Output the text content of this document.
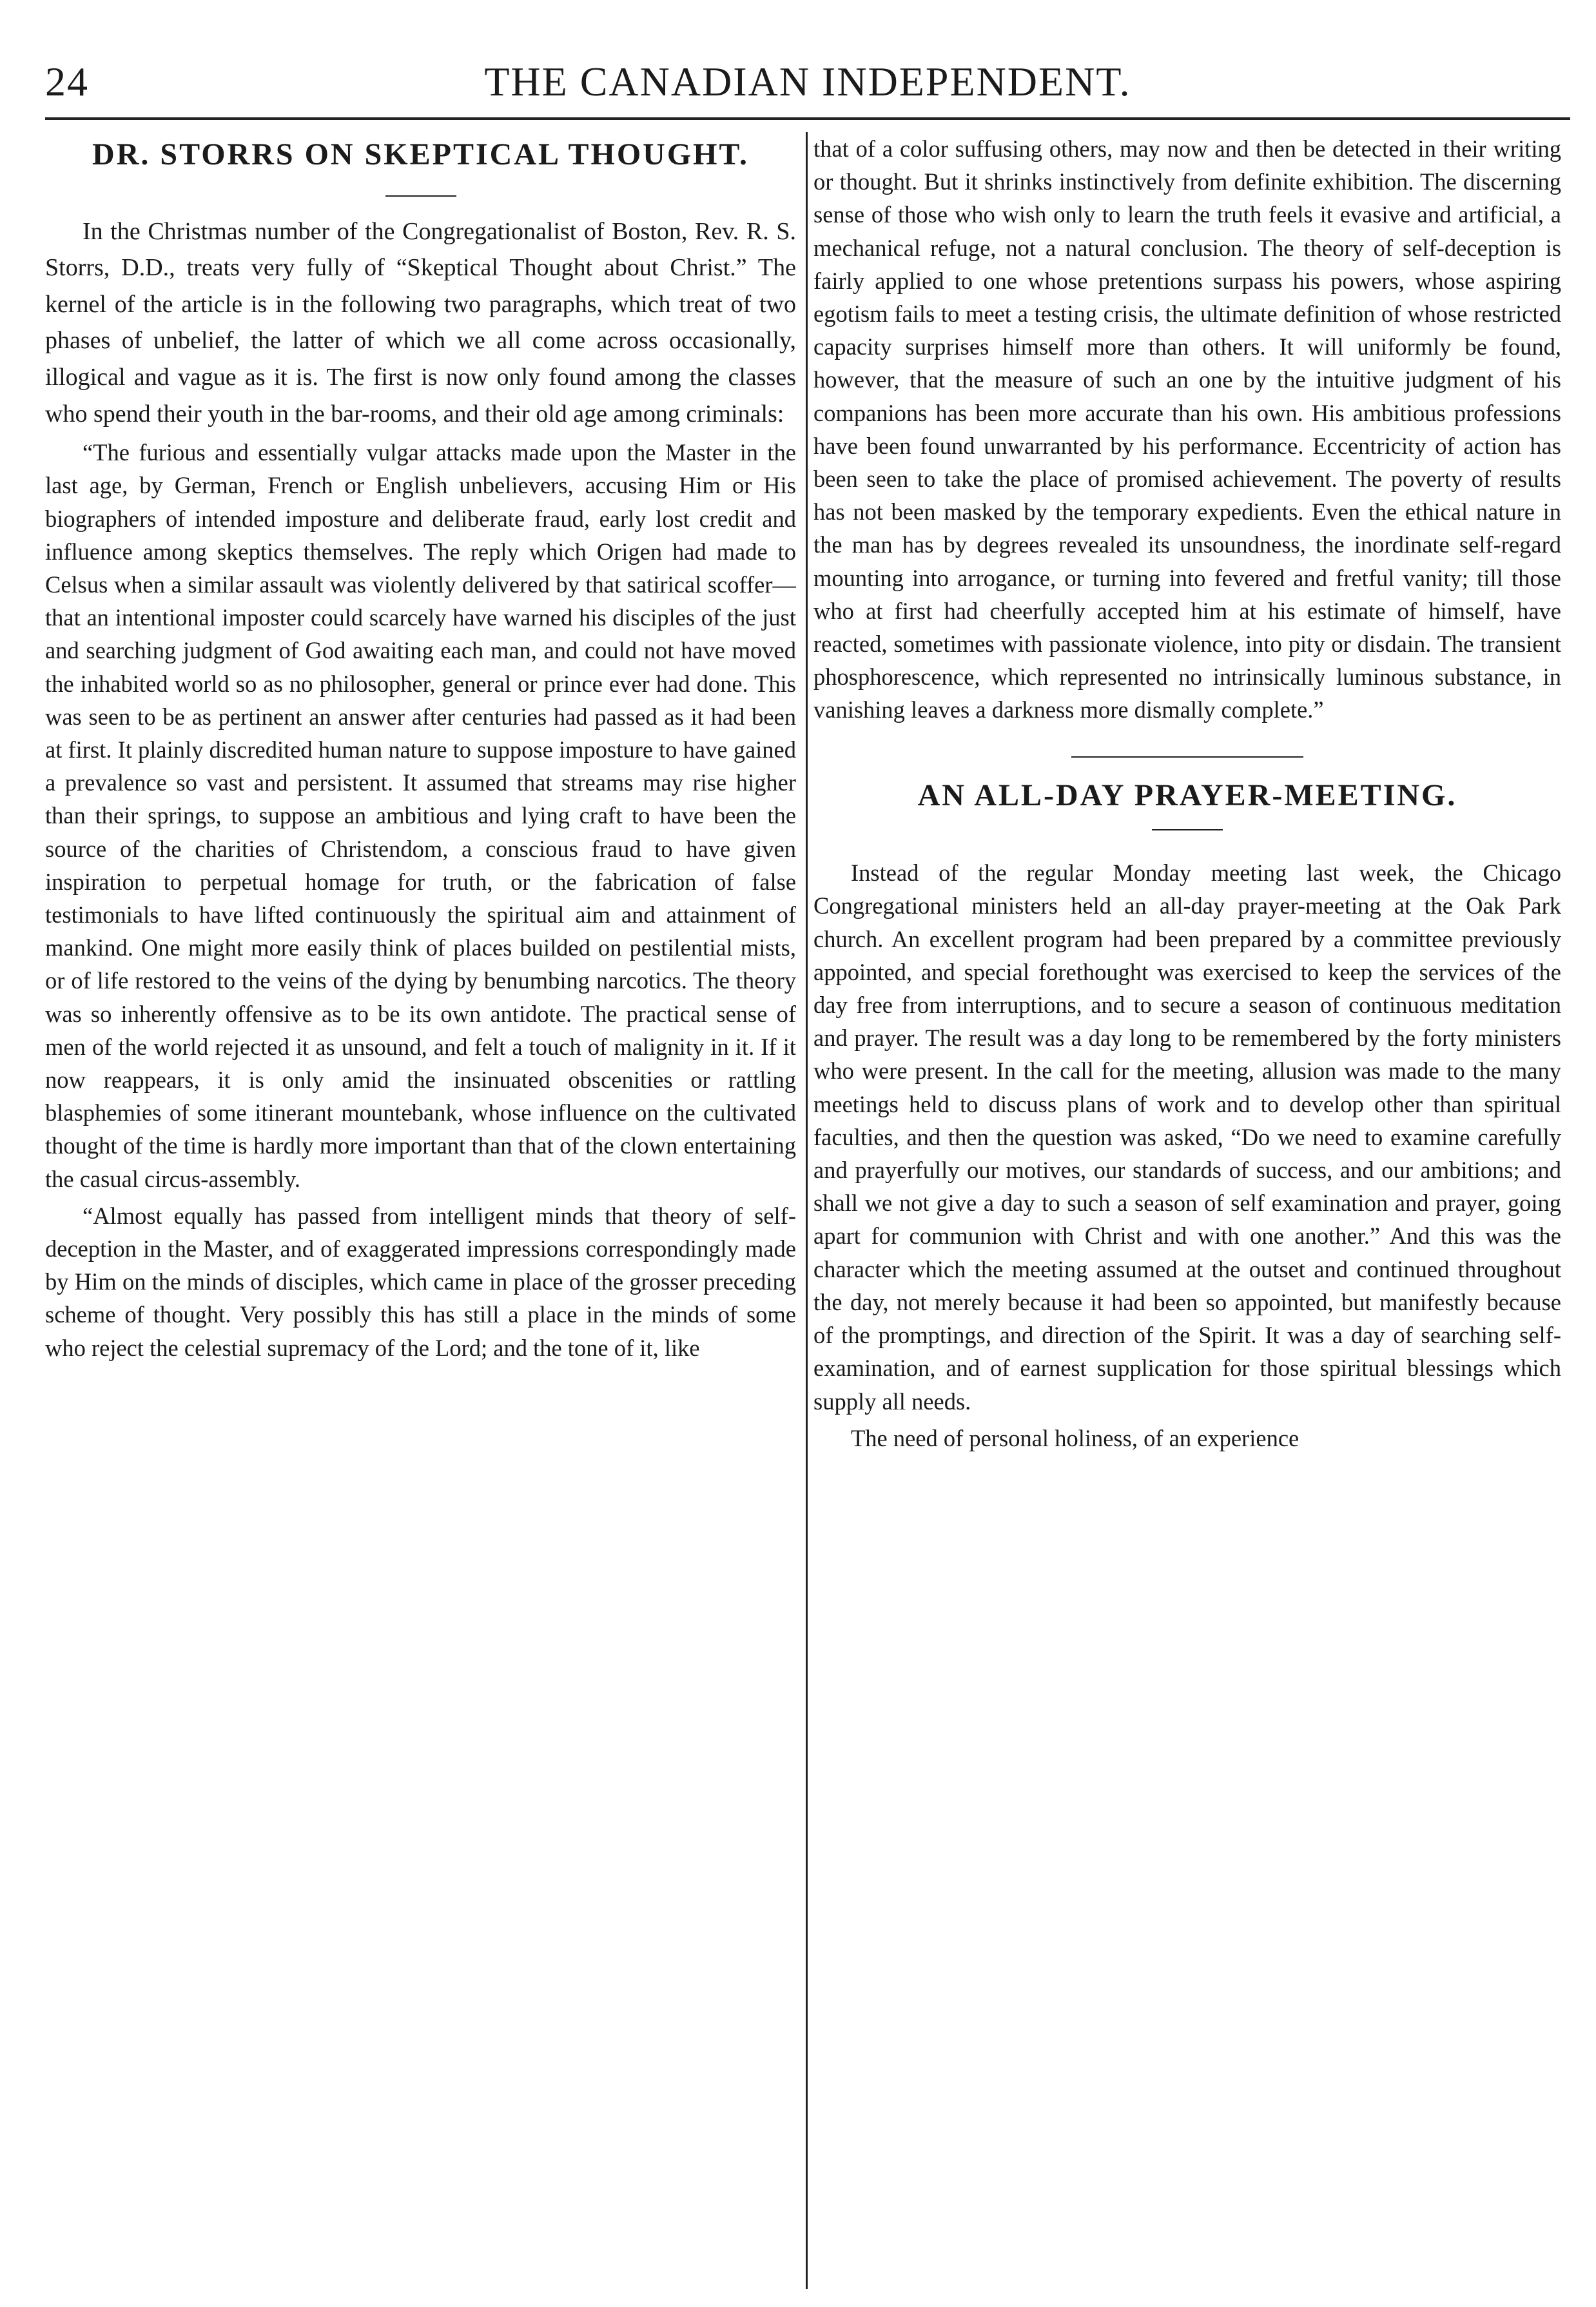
24	THE CANADIAN INDEPENDENT.
DR. STORRS ON SKEPTICAL THOUGHT.

In the Christmas number of the Congregationalist of Boston, Rev. R. S. Storrs, D.D., treats very fully of “Skeptical Thought about Christ.” The kernel of the article is in the following two paragraphs, which treat of two phases of unbelief, the latter of which we all come across occasionally, illogical and vague as it is. The first is now only found among the classes who spend their youth in the bar-rooms, and their old age among criminals:

“The furious and essentially vulgar attacks made upon the Master in the last age, by German, French or English unbelievers, accusing Him or His biographers of intended imposture and deliberate fraud, early lost credit and influence among skeptics themselves. The reply which Origen had made to Celsus when a similar assault was violently delivered by that satirical scoffer—that an intentional imposter could scarcely have warned his disciples of the just and searching judgment of God awaiting each man, and could not have moved the inhabited world so as no philosopher, general or prince ever had done. This was seen to be as pertinent an answer after centuries had passed as it had been at first. It plainly discredited human nature to suppose imposture to have gained a prevalence so vast and persistent. It assumed that streams may rise higher than their springs, to suppose an ambitious and lying craft to have been the source of the charities of Christendom, a conscious fraud to have given inspiration to perpetual homage for truth, or the fabrication of false testimonials to have lifted continuously the spiritual aim and attainment of mankind. One might more easily think of places builded on pestilential mists, or of life restored to the veins of the dying by benumbing narcotics. The theory was so inherently offensive as to be its own antidote. The practical sense of men of the world rejected it as unsound, and felt a touch of malignity in it. If it now reappears, it is only amid the insinuated obscenities or rattling blasphemies of some itinerant mountebank, whose influence on the cultivated thought of the time is hardly more important than that of the clown entertaining the casual circus-assembly.

“Almost equally has passed from intelligent minds that theory of self-deception in the Master, and of exaggerated impressions correspondingly made by Him on the minds of disciples, which came in place of the grosser preceding scheme of thought. Very possibly this has still a place in the minds of some who reject the celestial supremacy of the Lord; and the tone of it, like

that of a color suffusing others, may now and then be detected in their writing or thought. But it shrinks instinctively from definite exhibition. The discerning sense of those who wish only to learn the truth feels it evasive and artificial, a mechanical refuge, not a natural conclusion. The theory of self-deception is fairly applied to one whose pretentions surpass his powers, whose aspiring egotism fails to meet a testing crisis, the ultimate definition of whose restricted capacity surprises himself more than others. It will uniformly be found, however, that the measure of such an one by the intuitive judgment of his companions has been more accurate than his own. His ambitious professions have been found unwarranted by his performance. Eccentricity of action has been seen to take the place of promised achievement. The poverty of results has not been masked by the temporary expedients. Even the ethical nature in the man has by degrees revealed its unsoundness, the inordinate self-regard mounting into arrogance, or turning into fevered and fretful vanity; till those who at first had cheerfully accepted him at his estimate of himself, have reacted, sometimes with passionate violence, into pity or disdain. The transient phosphorescence, which represented no intrinsically luminous substance, in vanishing leaves a darkness more dismally complete.”

AN ALL-DAY PRAYER-MEETING.

Instead of the regular Monday meeting last week, the Chicago Congregational ministers held an all-day prayer-meeting at the Oak Park church. An excellent program had been prepared by a committee previously appointed, and special forethought was exercised to keep the services of the day free from interruptions, and to secure a season of continuous meditation and prayer. The result was a day long to be remembered by the forty ministers who were present. In the call for the meeting, allusion was made to the many meetings held to discuss plans of work and to develop other than spiritual faculties, and then the question was asked, “Do we need to examine carefully and prayerfully our motives, our standards of success, and our ambitions; and shall we not give a day to such a season of self examination and prayer, going apart for communion with Christ and with one another.” And this was the character which the meeting assumed at the outset and continued throughout the day, not merely because it had been so appointed, but manifestly because of the promptings, and direction of the Spirit. It was a day of searching self-examination, and of earnest supplication for those spiritual blessings which supply all needs.

The need of personal holiness, of an experience
